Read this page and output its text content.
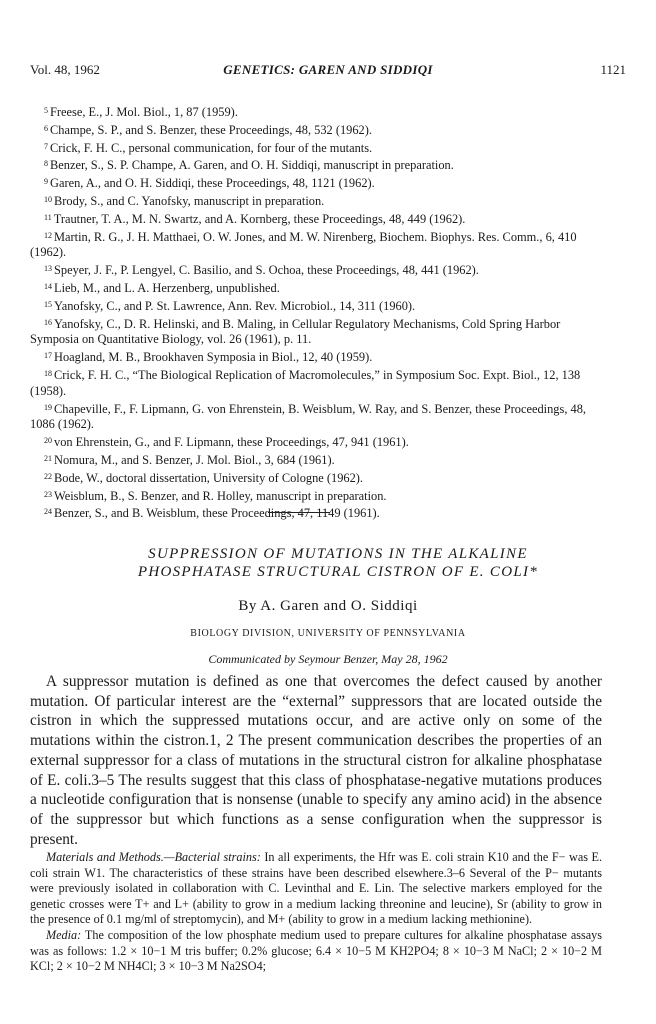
Vol. 48, 1962	GENETICS: GAREN AND SIDDIQI	1121

$^5$ Freese, E., J. Mol. Biol., 1, 87 (1959).

$^6$ Champe, S. P., and S. Benzer, these Proceedings, 48, 532 (1962).

$^7$ Crick, F. H. C., personal communication, for four of the mutants.

$^8$ Benzer, S., S. P. Champe, A. Garen, and O. H. Siddiqi, manuscript in preparation.

$^9$ Garen, A., and O. H. Siddiqi, these Proceedings, 48, 1121 (1962).

$^{10}$ Brody, S., and C. Yanofsky, manuscript in preparation.

$^{11}$ Trautner, T. A., M. N. Swartz, and A. Kornberg, these Proceedings, 48, 449 (1962).

$^{12}$ Martin, R. G., J. H. Matthaei, O. W. Jones, and M. W. Nirenberg, Biochem. Biophys. Res. Comm., 6, 410 (1962).

$^{13}$ Speyer, J. F., P. Lengyel, C. Basilio, and S. Ochoa, these Proceedings, 48, 441 (1962).

$^{14}$ Lieb, M., and L. A. Herzenberg, unpublished.

$^{15}$ Yanofsky, C., and P. St. Lawrence, Ann. Rev. Microbiol., 14, 311 (1960).

$^{16}$ Yanofsky, C., D. R. Helinski, and B. Maling, in Cellular Regulatory Mechanisms, Cold Spring Harbor Symposia on Quantitative Biology, vol. 26 (1961), p. 11.

$^{17}$ Hoagland, M. B., Brookhaven Symposia in Biol., 12, 40 (1959).

$^{18}$ Crick, F. H. C., “The Biological Replication of Macromolecules,” in Symposium Soc. Expt. Biol., 12, 138 (1958).

$^{19}$ Chapeville, F., F. Lipmann, G. von Ehrenstein, B. Weisblum, W. Ray, and S. Benzer, these Proceedings, 48, 1086 (1962).

$^{20}$ von Ehrenstein, G., and F. Lipmann, these Proceedings, 47, 941 (1961).

$^{21}$ Nomura, M., and S. Benzer, J. Mol. Biol., 3, 684 (1961).

$^{22}$ Bode, W., doctoral dissertation, University of Cologne (1962).

$^{23}$ Weisblum, B., S. Benzer, and R. Holley, manuscript in preparation.

$^{24}$ Benzer, S., and B. Weisblum, these Proceedings, 47, 1149 (1961).

SUPPRESSION OF MUTATIONS IN THE ALKALINE
PHOSPHATASE STRUCTURAL CISTRON OF E. COLI*
By A. Garen and O. Siddiqi
BIOLOGY DIVISION, UNIVERSITY OF PENNSYLVANIA
Communicated by Seymour Benzer, May 28, 1962

A suppressor mutation is defined as one that overcomes the defect caused by another mutation. Of particular interest are the “external” suppressors that are located outside the cistron in which the suppressed mutations occur, and are active only on some of the mutations within the cistron.1, 2 The present communication describes the properties of an external suppressor for a class of mutations in the structural cistron for alkaline phosphatase of E. coli.3–5 The results suggest that this class of phosphatase-negative mutations produces a nucleotide configuration that is nonsense (unable to specify any amino acid) in the absence of the suppressor but which functions as a sense configuration when the suppressor is present.

Materials and Methods.—Bacterial strains: In all experiments, the Hfr was E. coli strain K10 and the F− was E. coli strain W1. The characteristics of these strains have been described elsewhere.3–6 Several of the P− mutants were previously isolated in collaboration with C. Levinthal and E. Lin. The selective markers employed for the genetic crosses were T+ and L+ (ability to grow in a medium lacking threonine and leucine), Sr (ability to grow in the presence of 0.1 mg/ml of streptomycin), and M+ (ability to grow in a medium lacking methionine).

Media: The composition of the low phosphate medium used to prepare cultures for alkaline phosphatase assays was as follows: 1.2 × 10−1 M tris buffer; 0.2% glucose; 6.4 × 10−5 M KH2PO4; 8 × 10−3 M NaCl; 2 × 10−2 M KCl; 2 × 10−2 M NH4Cl; 3 × 10−3 M Na2SO4;
